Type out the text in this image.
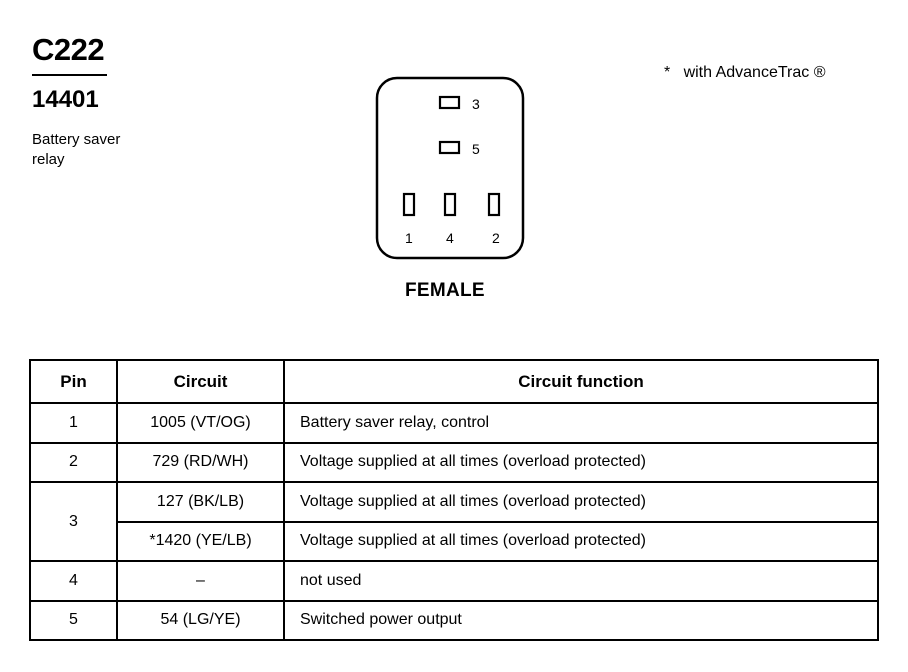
C222
14401
Battery saver
relay
*   with AdvanceTrac ®
3
5
1 4	2
FEMALE
Pin	Circuit	Circuit function
1	1005 (VT/OG)	Battery saver relay, control
2	729 (RD/WH)	Voltage supplied at all times (overload protected)
3	127 (BK/LB)	Voltage supplied at all times (overload protected)
	*1420 (YE/LB)	Voltage supplied at all times (overload protected)
4	–	not used
5	54 (LG/YE)	Switched power output
